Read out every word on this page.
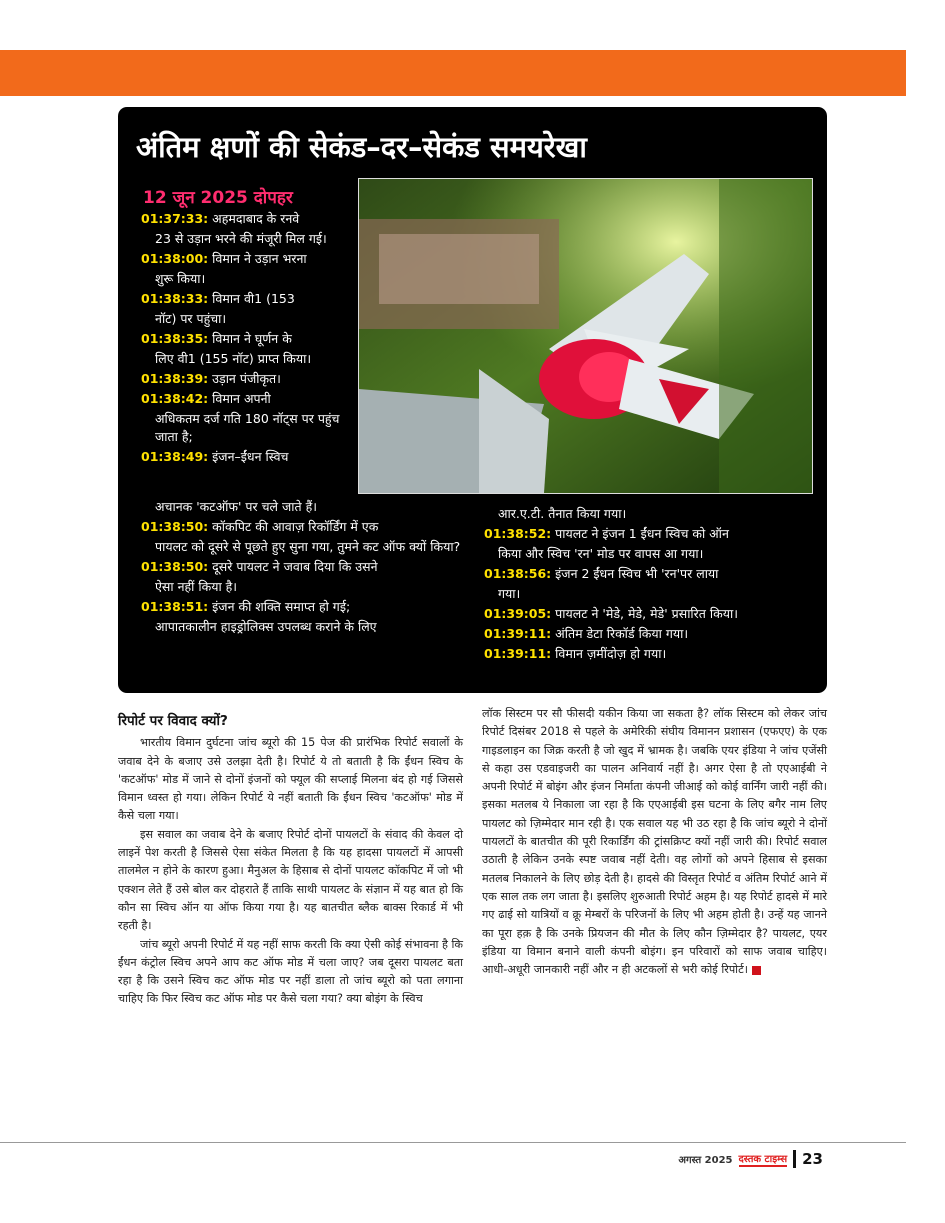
अंतिम क्षणों की सेकंड–दर–सेकंड समयरेखा
12 जून 2025 दोपहर
01:37:33: अहमदाबाद के रनवे
23 से उड़ान भरने की मंजूरी मिल गई।
01:38:00: विमान ने उड़ान भरना
शुरू किया।
01:38:33: विमान वी1 (153
नॉट) पर पहुंचा।
01:38:35: विमान ने घूर्णन के
लिए वी1 (155 नॉट) प्राप्त किया।
01:38:39: उड़ान पंजीकृत।
01:38:42: विमान अपनी
अधिकतम दर्ज गति 180 नॉट्स पर पहुंच जाता है;
01:38:49: इंजन–ईंधन स्विच
अचानक 'कटऑफ' पर चले जाते हैं।
01:38:50: कॉकपिट की आवाज़ रिकॉर्डिंग में एक
पायलट को दूसरे से पूछते हुए सुना गया, तुमने कट ऑफ क्यों किया?
01:38:50: दूसरे पायलट ने जवाब दिया कि उसने
ऐसा नहीं किया है।
01:38:51: इंजन की शक्ति समाप्त हो गई;
आपातकालीन हाइड्रोलिक्स उपलब्ध कराने के लिए
आर.ए.टी. तैनात किया गया।
01:38:52: पायलट ने इंजन 1 ईंधन स्विच को ऑन
किया और स्विच 'रन' मोड पर वापस आ गया।
01:38:56: इंजन 2 ईंधन स्विच भी 'रन'पर लाया
गया।
01:39:05: पायलट ने 'मेडे, मेडे, मेडे' प्रसारित किया।
01:39:11: अंतिम डेटा रिकॉर्ड किया गया।
01:39:11: विमान ज़मींदोज़ हो गया।
रिपोर्ट पर विवाद क्यों?

भारतीय विमान दुर्घटना जांच ब्यूरो की 15 पेज की प्रारंभिक रिपोर्ट सवालों के जवाब देने के बजाए उसे उलझा देती है। रिपोर्ट ये तो बताती है कि ईंधन स्विच के 'कटऑफ' मोड में जाने से दोनों इंजनों को फ्यूल की सप्लाई मिलना बंद हो गई जिससे विमान ध्वस्त हो गया। लेकिन रिपोर्ट ये नहीं बताती कि ईंधन स्विच 'कटऑफ' मोड में कैसे चला गया।

इस सवाल का जवाब देने के बजाए रिपोर्ट दोनों पायलटों के संवाद की केवल दो लाइनें पेश करती है जिससे ऐसा संकेत मिलता है कि यह हादसा पायलटों में आपसी तालमेल न होने के कारण हुआ। मैनुअल के हिसाब से दोनों पायलट कॉकपिट में जो भी एक्शन लेते हैं उसे बोल कर दोहराते हैं ताकि साथी पायलट के संज्ञान में यह बात हो कि कौन सा स्विच ऑन या ऑफ किया गया है। यह बातचीत ब्लैक बाक्स रिकार्ड में भी रहती है।

जांच ब्यूरो अपनी रिपोर्ट में यह नहीं साफ करती कि क्या ऐसी कोई संभावना है कि ईंधन कंट्रोल स्विच अपने आप कट ऑफ मोड में चला जाए? जब दूसरा पायलट बता रहा है कि उसने स्विच कट ऑफ मोड पर नहीं डाला तो जांच ब्यूरो को पता लगाना चाहिए कि फिर स्विच कट ऑफ मोड पर कैसे चला गया? क्या बोइंग के स्विच

लॉक सिस्टम पर सौ फीसदी यकीन किया जा सकता है? लॉक सिस्टम को लेकर जांच रिपोर्ट दिसंबर 2018 से पहले के अमेरिकी संघीय विमानन प्रशासन (एफएए) के एक गाइडलाइन का जिक्र करती है जो खुद में भ्रामक है। जबकि एयर इंडिया ने जांच एजेंसी से कहा उस एडवाइजरी का पालन अनिवार्य नहीं है। अगर ऐसा है तो एएआईबी ने अपनी रिपोर्ट में बोइंग और इंजन निर्माता कंपनी जीआई को कोई वार्निंग जारी नहीं की। इसका मतलब ये निकाला जा रहा है कि एएआईबी इस घटना के लिए बगैर नाम लिए पायलट को ज़िम्मेदार मान रही है। एक सवाल यह भी उठ रहा है कि जांच ब्यूरो ने दोनों पायलटों के बातचीत की पूरी रिकार्डिंग की ट्रांसक्रिप्ट क्यों नहीं जारी की। रिपोर्ट सवाल उठाती है लेकिन उनके स्पष्ट जवाब नहीं देती। वह लोगों को अपने हिसाब से इसका मतलब निकालने के लिए छोड़ देती है। हादसे की विस्तृत रिपोर्ट व अंतिम रिपोर्ट आने में एक साल तक लग जाता है। इसलिए शुरुआती रिपोर्ट अहम है। यह रिपोर्ट हादसे में मारे गए ढाई सो यात्रियों व क्रू मेम्बरों के परिजनों के लिए भी अहम होती है। उन्हें यह जानने का पूरा हक़ है कि उनके प्रियजन की मौत के लिए कौन ज़िम्मेदार है? पायलट, एयर इंडिया या विमान बनाने वाली कंपनी बोइंग। इन परिवारों को साफ जवाब चाहिए। आधी-अधूरी जानकारी नहीं और न ही अटकलों से भरी कोई रिपोर्ट।

अगस्त 2025 दस्तक टाइम्स 23
